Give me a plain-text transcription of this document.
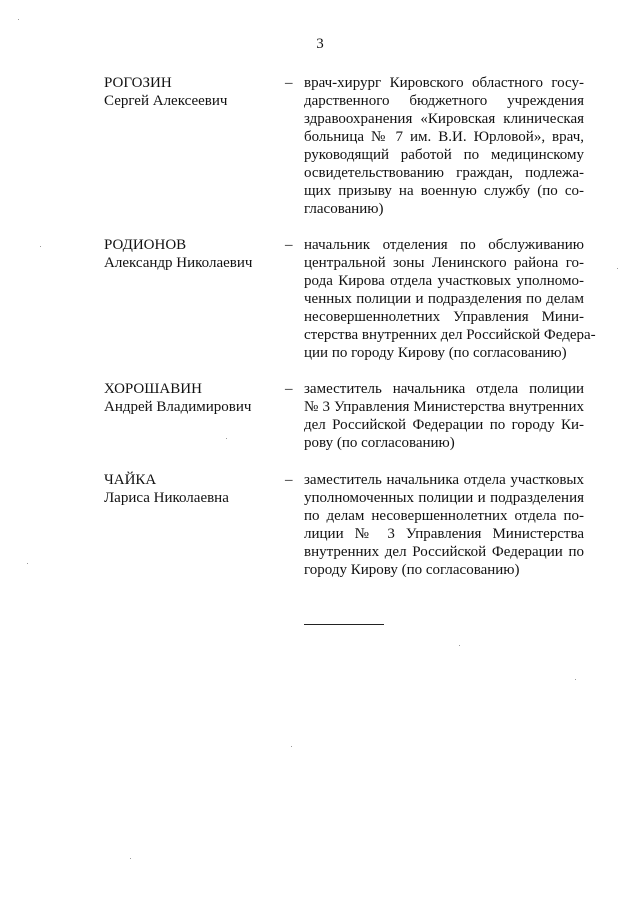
3
РОГОЗИН
Сергей Алексеевич
– врач-хирург Кировского областного госу-
дарственного бюджетного учреждения
здравоохранения «Кировская клиническая
больница № 7 им. В.И. Юрловой», врач,
руководящий работой по медицинскому
освидетельствованию граждан, подлежа-
щих призыву на военную службу (по со-
гласованию)
РОДИОНОВ
Александр Николаевич
– начальник отделения по обслуживанию
центральной зоны Ленинского района го-
рода Кирова отдела участковых уполномо-
ченных полиции и подразделения по делам
несовершеннолетних Управления Мини-
стерства внутренних дел Российской Федера-
ции по городу Кирову (по согласованию)
ХОРОШАВИН
Андрей Владимирович
– заместитель начальника отдела полиции
№ 3 Управления Министерства внутренних
дел Российской Федерации по городу Ки-
рову (по согласованию)
ЧАЙКА
Лариса Николаевна
– заместитель начальника отдела участковых
уполномоченных полиции и подразделения
по делам несовершеннолетних отдела по-
лиции № 3 Управления Министерства
внутренних дел Российской Федерации по
городу Кирову (по согласованию)
